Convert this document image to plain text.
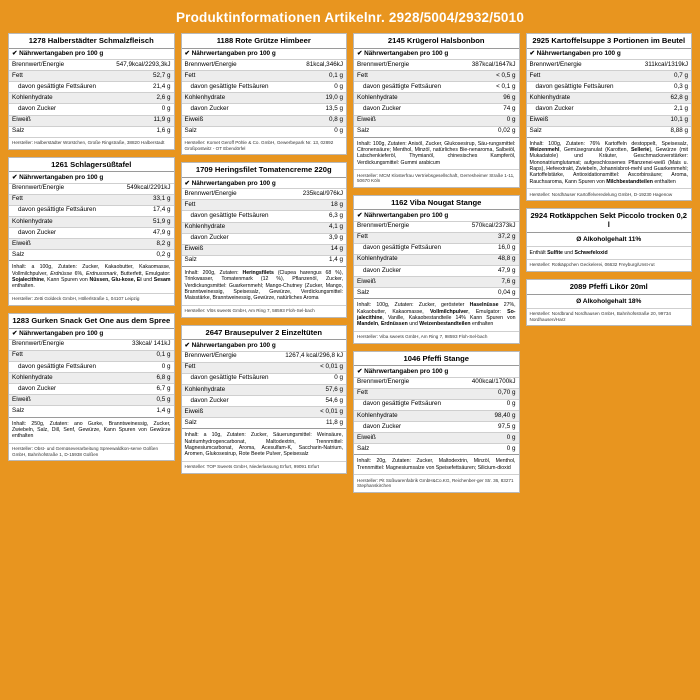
Produktinformationen Artikelnr. 2928/5004/2932/5010
1278 Halberstädter Schmalzfleisch
✔ Nährwertangaben pro 100 g	
Brennwert/Energie	547,9kcal/2293,3kJ
Fett	52,7 g
davon gesättigte Fettsäuren	21,4 g
Kohlenhydrate	2,6 g
davon Zucker	0 g
Eiweiß	11,9 g
Salz	1,6 g
Hersteller: Halberstädter Würstchen, Große Ringstraße, 38820 Halberstadt
1261 Schlagersüßtafel
✔ Nährwertangaben pro 100 g	
Brennwert/Energie	549kcal/2291kJ
Fett	33,1 g
davon gesättigte Fettsäuren	17,4 g
Kohlenhydrate	51,9 g
davon Zucker	47,9 g
Eiweiß	8,2 g
Salz	0,2 g
Inhalt: a 100g, Zutaten: Zucker, Kakaobutter, Kakaomasse, Vollmilchpulver, Erdnüsse 6%, Erdnussmark, Butterfett, Emulgator: Sojalecithine, Kann Spuren von Nüssen, Glu-kose, Ei und Sesam enthalten.
Hersteller: Zetti Goldeck GmbH, Höllerlstraße 1, 04107 Leipzig
1283 Gurken Snack Get One aus dem Spree
✔ Nährwertangaben pro 100 g	
Brennwert/Energie	33kcal/ 141kJ
Fett	0,1 g
davon gesättigte Fettsäuren	0 g
Kohlenhydrate	6,8 g
davon Zucker	6,7 g
Eiweiß	0,5 g
Salz	1,4 g
Inhalt: 250g, Zutaten: ano Gurke, Branntweinessig, Zucker, Zwiebeln, Salz, Dill, Senf, Gewürze, Kann Spuren von Gewürze enthalten
Hersteller: Obst- und Gemüseverarbeitung Spreewaldkon-serve Golßen GmbH, Bahnhofstraße 1, D-15938 Golßen
1188 Rote Grütze Himbeer
✔ Nährwertangaben pro 100 g	
Brennwert/Energie	81kcal,346kJ
Fett	0,1 g
davon gesättigte Fettsäuren	0 g
Kohlenhydrate	19,0 g
davon Zucker	13,5 g
Eiweiß	0,8 g
Salz	0 g
Hersteller: Komet Geroff Pöhle & Co. GmbH, Gewerbepark Nr. 13, 02892 Großpostwitz - OT Ebendörfel
1709 Heringsfilet Tomatencreme 220g
✔ Nährwertangaben pro 100 g	
Brennwert/Energie	235kcal/976kJ
Fett	18 g
davon gesättigte Fettsäuren	6,3 g
Kohlenhydrate	4,1 g
davon Zucker	3,9 g
Eiweiß	14 g
Salz	1,4 g
Inhalt: 200g, Zutaten: Heringsfilets (Clupea harengus 68 %), Trinkwasser, Tomatenmark (12 %), Pflanzenöl, Zucker, Verdickungsmittel: Guarkernmehl; Mango-Chutney (Zucker, Mango, Branntweinessig, Speisesalz, Gewürze, Verdickungsmittel: Maisstärke, Branntweinessig, Gewürze, natürliches Aroma
Hersteller: Vlös sweets GmbH, Am Ring 7, 58593 Floh-Sel-bach
2647 Brausepulver 2 Einzeltüten
✔ Nährwertangaben pro 100 g	
Brennwert/Energie	1267,4 kcal/296,8 kJ
Fett	< 0,01 g
davon gesättigte Fettsäuren	0 g
Kohlenhydrate	57,6 g
davon Zucker	54,6 g
Eiweiß	< 0,01 g
Salz	11,8 g
Inhalt: a 10g, Zutaten: Zucker, Säuerungsmittel: Weinsäure, Natriumhydrogencarbonat, Maltodextrin, Trennmittel: Magnesiumcarbonat, Aroma, Acesulfam-K, Saccharin-Natrium, Aromen, Glukosesirup, Rote Beete Pulver, Speisesalz
Hersteller: TOP Sweets GmbH, Niederlassung Erfurt, 99091 Erfurt
2145 Krügerol Halsbonbon
✔ Nährwertangaben pro 100 g	
Brennwert/Energie	387kcal/1647kJ
Fett	< 0,5 g
davon gesättigte Fettsäuren	< 0,1 g
Kohlenhydrate	96 g
davon Zucker	74 g
Eiweiß	0 g
Salz	0,02 g
Inhalt: 100g, Zutaten: Anisöl, Zucker, Glukosesirup, Säu-rungsmittel: Citronensäure; Menthol, Minzöl, natürliches Bie-nenaroma, Salbeiöl, Latschenkieferöl, Thymianöl, chinesisches Kampferöl, Verdickungsmittel: Gummi arabicum
Hersteller: MCM Klosterfrau Vertriebsgesellschaft, Gerresheimer Straße 1-11, 50670 Köln
1162 Viba Nougat Stange
✔ Nährwertangaben pro 100 g	
Brennwert/Energie	570kcal/2373kJ
Fett	37,2 g
davon gesättigte Fettsäuren	16,0 g
Kohlenhydrate	48,8 g
davon Zucker	47,9 g
Eiweiß	7,6 g
Salz	0,04 g
Inhalt: 100g, Zutaten: Zucker, gerösteter Haselnüsse 27%, Kakaobutter, Kakaomasse, Vollmilchpulver, Emulgator: So-jalecithine, Vanille, Kakaobestandteile 14% Kann Spuren von Mandeln, Erdnüssen und Weizenbestandteilen enthalten
Hersteller: Viba sweets GmbH, Am Ring 7, 98593 Floh-Sel-bach
1046 Pfeffi Stange
✔ Nährwertangaben pro 100 g	
Brennwert/Energie	400kcal/1700kJ
Fett	0,70 g
davon gesättigte Fettsäuren	0 g
Kohlenhydrate	98,40 g
davon Zucker	97,5 g
Eiweiß	0 g
Salz	0 g
Inhalt: 20g, Zutaten: Zucker, Maltodextrin, Minzöl, Menthol, Trennmittel: Magnesiumsalze von Speisefettsäuren; Silicium-dioxid
Hersteller: Pit Süßwarenfabrik GmbH&Co.KG, Reichenber-ger Str. 36, 83271 Stephanskirchen
2925 Kartoffelsuppe 3 Portionen im Beutel
✔ Nährwertangaben pro 100 g	
Brennwert/Energie	311kcal/1319kJ
Fett	0,7 g
davon gesättigte Fettsäuren	0,3 g
Kohlenhydrate	62,8 g
davon Zucker	2,1 g
Eiweiß	10,1 g
Salz	8,88 g
Inhalt: 100g, Zutaten: 76% Kartoffeln destoppelt, Speisesalz, Weizenmehl, Gemüsegranulat (Karotten, Sellerie), Gewürze (mit Mukadatole) und Kräuter, Geschmacksverstärker: Mononatriumglutamat; aufgeschlossenes Pflanzenei-weiß (Mais u. Raps), Hefeextrakt, Zwiebeln, Johannisbrot-mehl und Guarkernmehl; Kartoffelstärke, Antioxidationsmittel: Ascorbinsäure; Aroma, Rauchsaroma, Kann Spuren von Milchbestandteilen enthalten
Hersteller: Nordhäuser Kartoffelveredelung GmbH, D-19230 Hagenow
2924 Rotkäppchen Sekt Piccolo trocken 0,2 l
Ø Alkoholgehalt 11%
Enthält Sulfite und Schwefeloxid
Hersteller: Rotkäppchen Geckelerei, 06632 Freyburg/Unst-rut
2089 Pfeffi Likör 20ml
Ø Alkoholgehalt 18%
Hersteller: Nordbrand Nordhausen GmbH, Bahnhofsstraße 20, 99734 Nordhausen/Harz
